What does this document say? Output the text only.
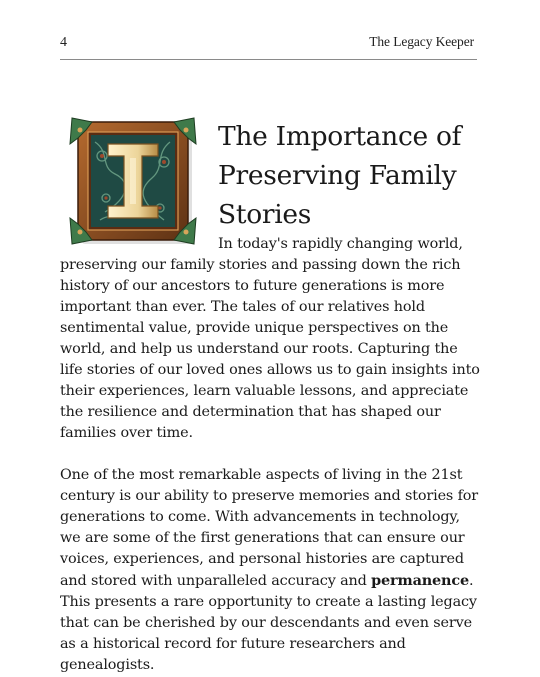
4	The Legacy Keeper
The Importance of Preserving Family Stories

In today's rapidly changing world, preserving our family stories and passing down the rich history of our ancestors to future generations is more important than ever. The tales of our relatives hold sentimental value, provide unique perspectives on the world, and help us understand our roots. Capturing the life stories of our loved ones allows us to gain insights into their experiences, learn valuable lessons, and appreciate the resilience and determination that has shaped our families over time.

One of the most remarkable aspects of living in the 21st century is our ability to preserve memories and stories for generations to come. With advancements in technology, we are some of the first generations that can ensure our voices, experiences, and personal histories are captured and stored with unparalleled accuracy and permanence. This presents a rare opportunity to create a lasting legacy that can be cherished by our descendants and even serve as a historical record for future researchers and genealogists.
